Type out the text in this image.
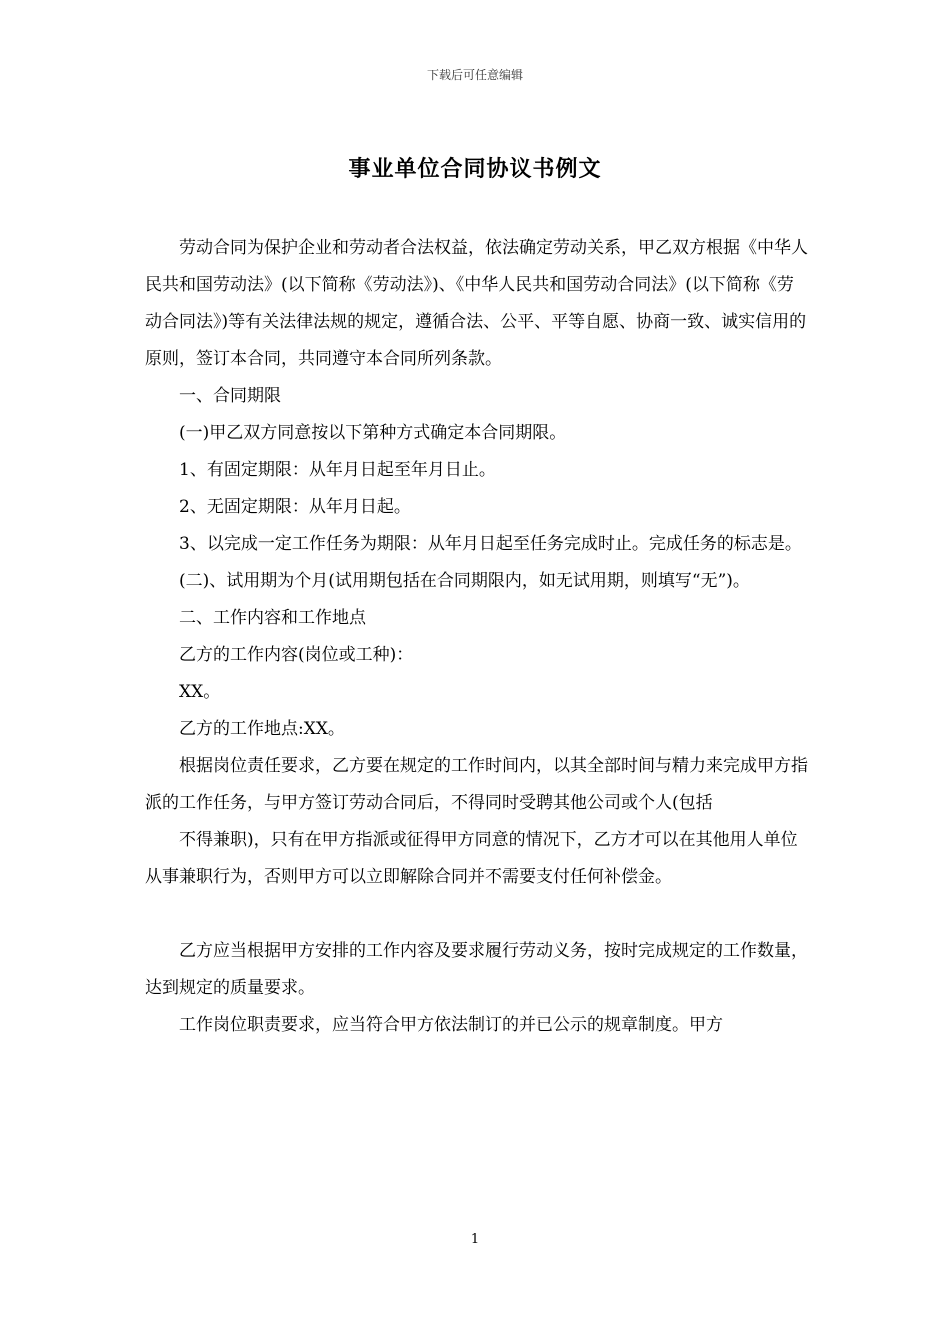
下载后可任意编辑
事业单位合同协议书例文

劳动合同为保护企业和劳动者合法权益，依法确定劳动关系，甲乙双方根据《中华人民共和国劳动法》(以下简称《劳动法》)、《中华人民共和国劳动合同法》(以下简称《劳动合同法》)等有关法律法规的规定，遵循合法、公平、平等自愿、协商一致、诚实信用的原则，签订本合同，共同遵守本合同所列条款。

一、合同期限

(一)甲乙双方同意按以下第种方式确定本合同期限。

1、有固定期限：从年月日起至年月日止。

2、无固定期限：从年月日起。

3、以完成一定工作任务为期限：从年月日起至任务完成时止。完成任务的标志是。

(二)、试用期为个月(试用期包括在合同期限内，如无试用期，则填写“无”)。

二、工作内容和工作地点

乙方的工作内容(岗位或工种)：

XX。

乙方的工作地点:XX。

根据岗位责任要求，乙方要在规定的工作时间内，以其全部时间与精力来完成甲方指派的工作任务，与甲方签订劳动合同后，不得同时受聘其他公司或个人(包括

不得兼职)，只有在甲方指派或征得甲方同意的情况下，乙方才可以在其他用人单位从事兼职行为，否则甲方可以立即解除合同并不需要支付任何补偿金。

乙方应当根据甲方安排的工作内容及要求履行劳动义务，按时完成规定的工作数量，达到规定的质量要求。

工作岗位职责要求，应当符合甲方依法制订的并已公示的规章制度。甲方

1
